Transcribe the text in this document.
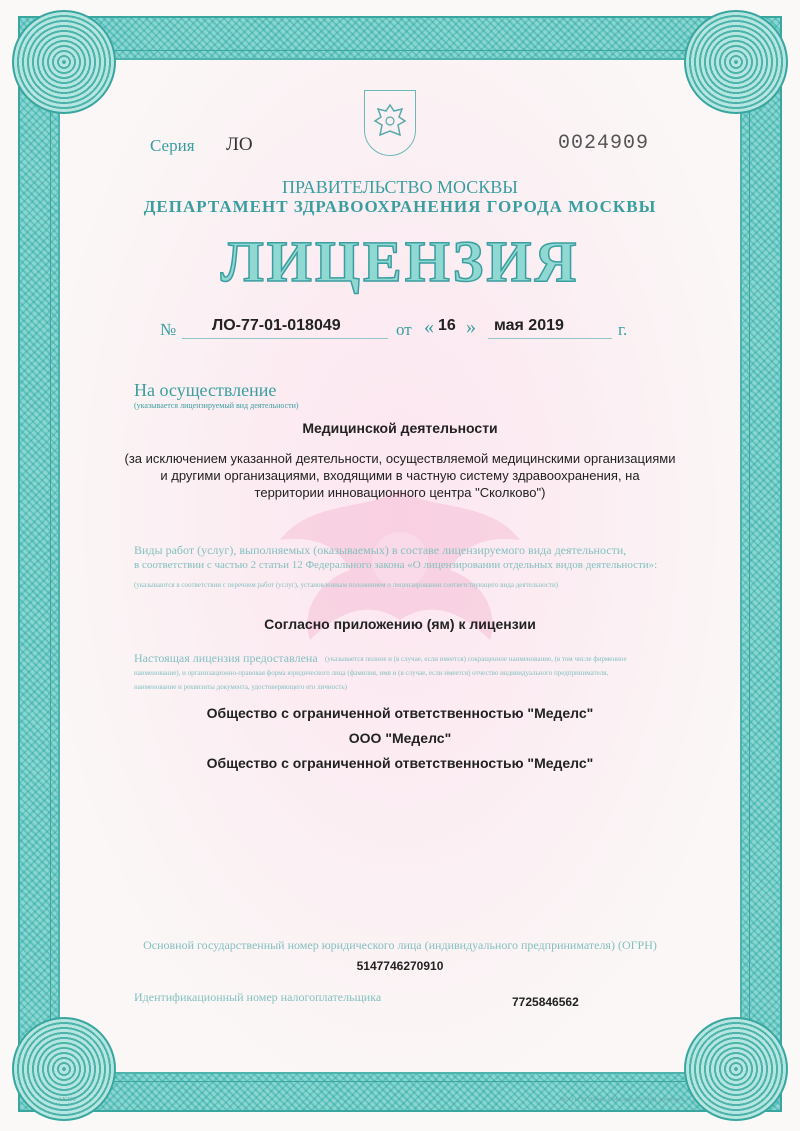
Серия ЛО	0024909
ПРАВИТЕЛЬСТВО МОСКВЫ
ДЕПАРТАМЕНТ ЗДРАВООХРАНЕНИЯ ГОРОДА МОСКВЫ
ЛИЦЕНЗИЯ
№ ЛО-77-01-018049	от « 16 » мая 2019	г.
На осуществление
(указывается лицензируемый вид деятельности)
Медицинской деятельности
(за исключением указанной деятельности, осуществляемой медицинскими организациями
и другими организациями, входящими в частную систему здравоохранения, на
территории инновационного центра "Сколково")
Виды работ (услуг), выполняемых (оказываемых) в составе лицензируемого вида деятельности,
в соответствии с частью 2 статьи 12 Федерального закона «О лицензировании отдельных видов деятельности»:
(указываются в соответствии с перечнем работ (услуг), установленным положением о лицензировании соответствующего вида деятельности)
Согласно приложению (ям) к лицензии
Настоящая лицензия предоставлена (указывается полное и (в случае, если имеется) сокращенное наименование, (в том числе фирменное
наименование), и организационно-правовая форма юридического лица (фамилия, имя и (в случае, если имеется) отчество индивидуального предпринимателя,
наименование и реквизиты документа, удостоверяющего его личность)
Общество с ограниченной ответственностью "Меделс"
ООО "Меделс"
Общество с ограниченной ответственностью "Меделс"
Основной государственный номер юридического лица (индивидуального предпринимателя) (ОГРН)
5147746270910
Идентификационный номер налогоплательщика	7725846562
АК236	ООО «РТГ»Гмин, г. Москва, 2017 год, уровень Б
